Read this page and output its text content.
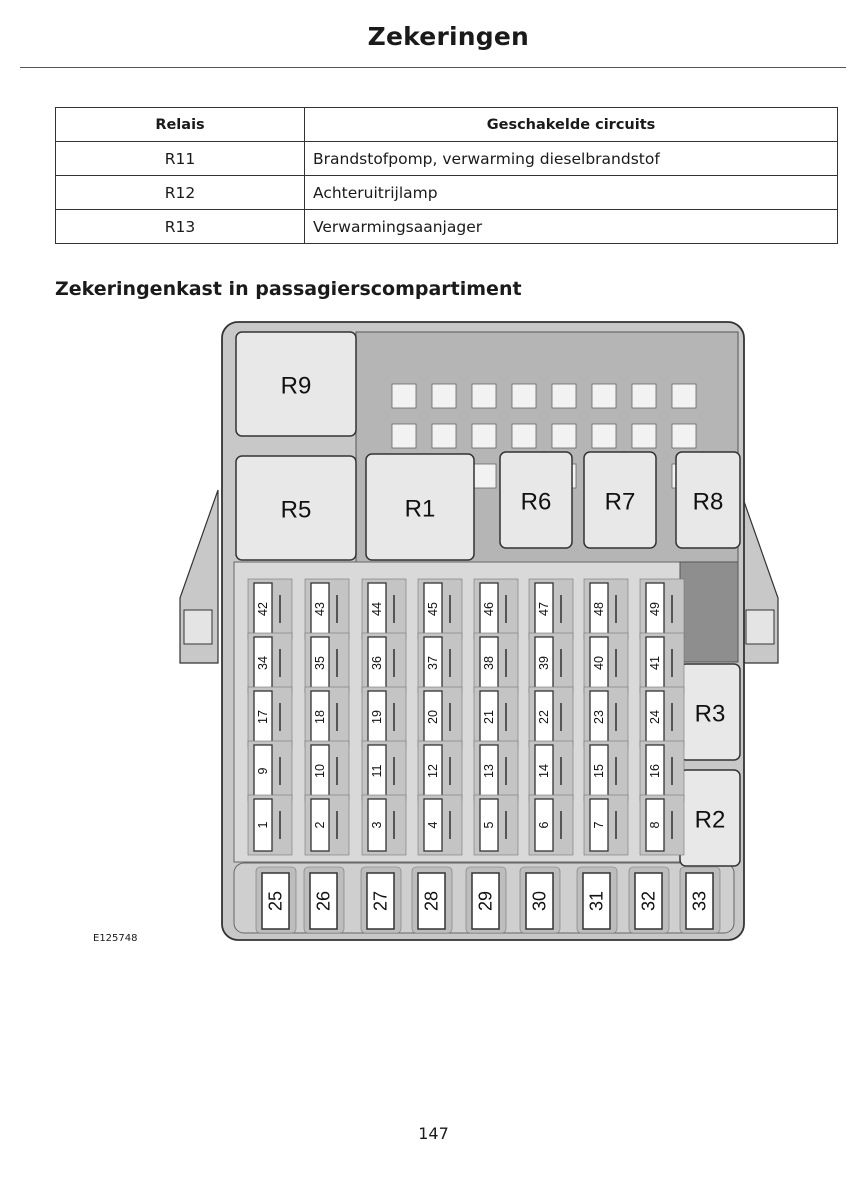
Zekeringen
Relais	Geschakelde circuits
R11	Brandstofpomp, verwarming dieselbrandstof
R12	Achteruitrijlamp
R13	Verwarmingsaanjager
Zekeringenkast in passagierscompartiment
R9
R5	R1	R6 R7 R8
R3
R2
42	43	44	45	46	47	48	49
34	35	36	37	38	39	40	41
17	18	19	20	21	22	23	24
9	10	11	12	13	14	15	16
1	2	3	4	5	6	7	8
25 26 27 28 29 30 31 32 33
E125748
147
